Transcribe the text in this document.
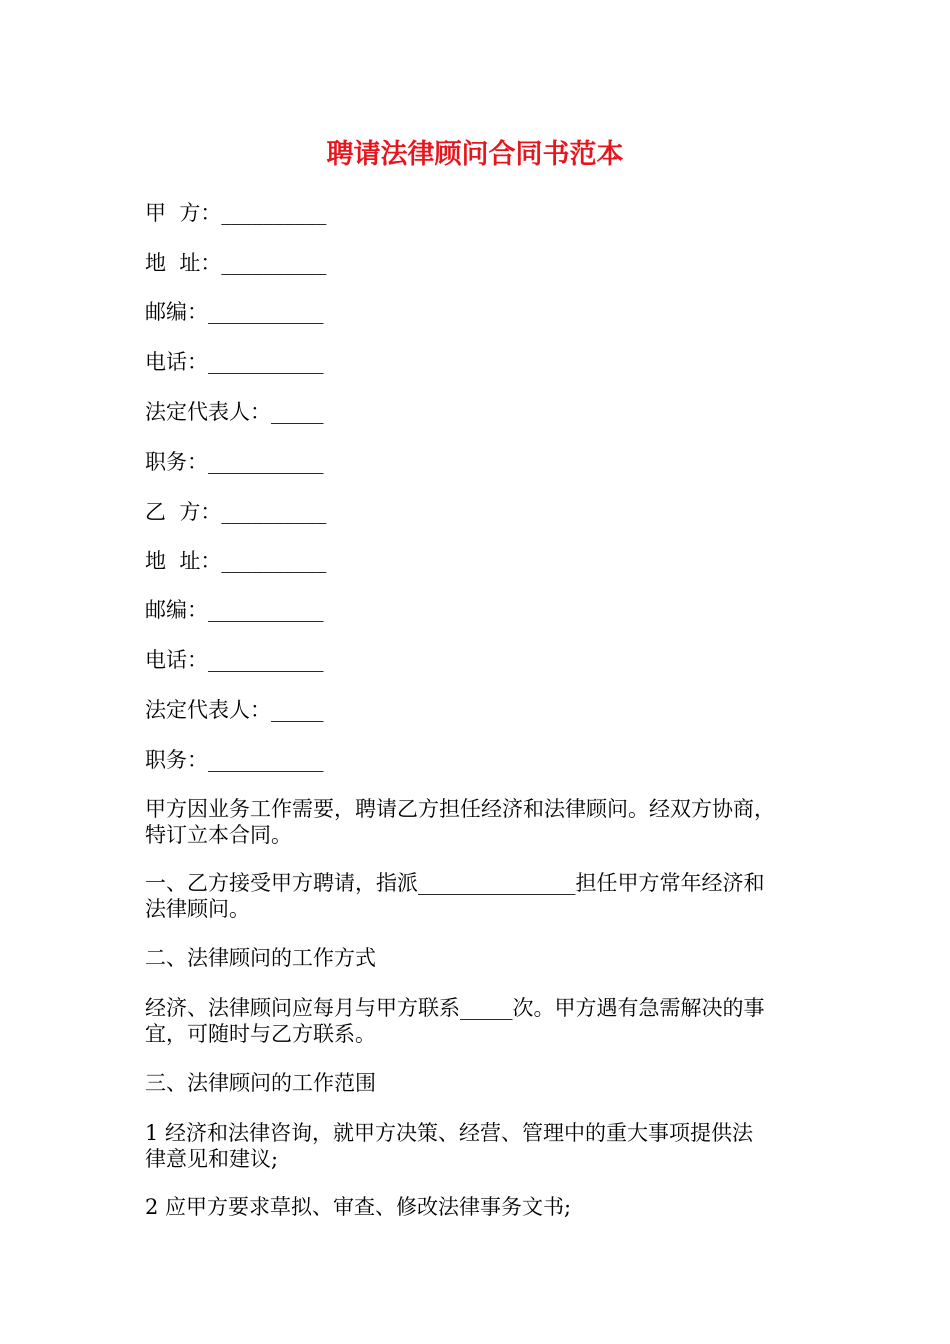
聘请法律顾问合同书范本
甲  方：__________
地  址：__________
邮编：___________
电话：___________
法定代表人：_____
职务：___________
乙  方：__________
地  址：__________
邮编：___________
电话：___________
法定代表人：_____
职务：___________
甲方因业务工作需要，聘请乙方担任经济和法律顾问。经双方协商，
特订立本合同。
一、乙方接受甲方聘请，指派_______________担任甲方常年经济和
法律顾问。
二、法律顾问的工作方式
经济、法律顾问应每月与甲方联系_____次。甲方遇有急需解决的事
宜，可随时与乙方联系。
三、法律顾问的工作范围
1 经济和法律咨询，就甲方决策、经营、管理中的重大事项提供法
律意见和建议;
2 应甲方要求草拟、审查、修改法律事务文书;
